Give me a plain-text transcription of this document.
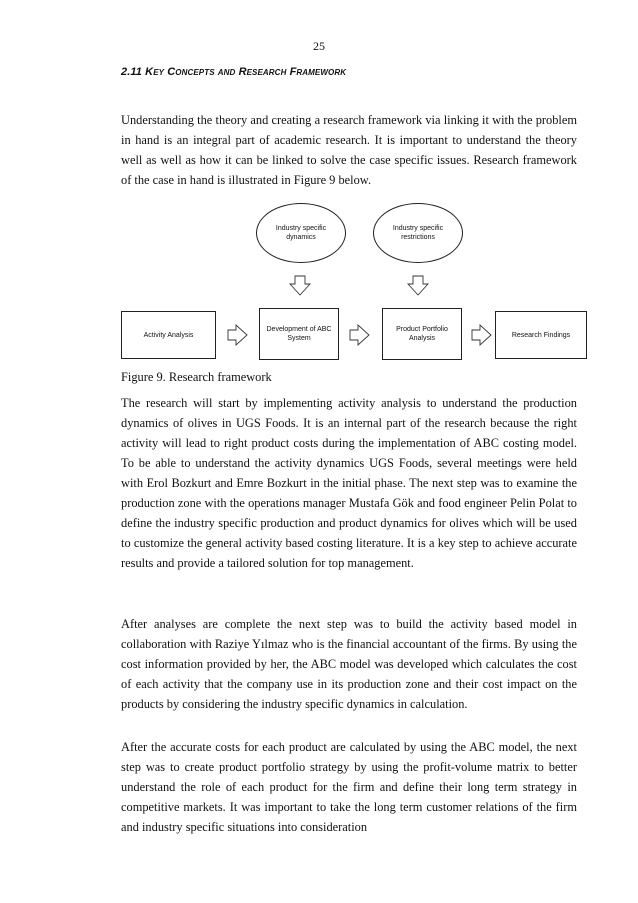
25
2.11 Key Concepts and Research Framework

Understanding the theory and creating a research framework via linking it with the problem in hand is an integral part of academic research. It is important to understand the theory well as well as how it can be linked to solve the case specific issues. Research framework of the case in hand is illustrated in Figure 9 below.

Industry specific dynamics
Industry specific restrictions
Activity Analysis
Development of ABC System
Product Portfolio Analysis	Research Findings
Figure 9. Research framework

The research will start by implementing activity analysis to understand the production dynamics of olives in UGS Foods. It is an internal part of the research because the right activity will lead to right product costs during the implementation of ABC costing model. To be able to understand the activity dynamics UGS Foods, several meetings were held with Erol Bozkurt and Emre Bozkurt in the initial phase. The next step was to examine the production zone with the operations manager Mustafa Gök and food engineer Pelin Polat to define the industry specific production and product dynamics for olives which will be used to customize the general activity based costing literature. It is a key step to achieve accurate results and provide a tailored solution for top management.

After analyses are complete the next step was to build the activity based model in collaboration with Raziye Yılmaz who is the financial accountant of the firms. By using the cost information provided by her, the ABC model was developed which calculates the cost of each activity that the company use in its production zone and their cost impact on the products by considering the industry specific dynamics in calculation.

After the accurate costs for each product are calculated by using the ABC model, the next step was to create product portfolio strategy by using the profit-volume matrix to better understand the role of each product for the firm and define their long term strategy in competitive markets. It was important to take the long term customer relations of the firm and industry specific situations into consideration
